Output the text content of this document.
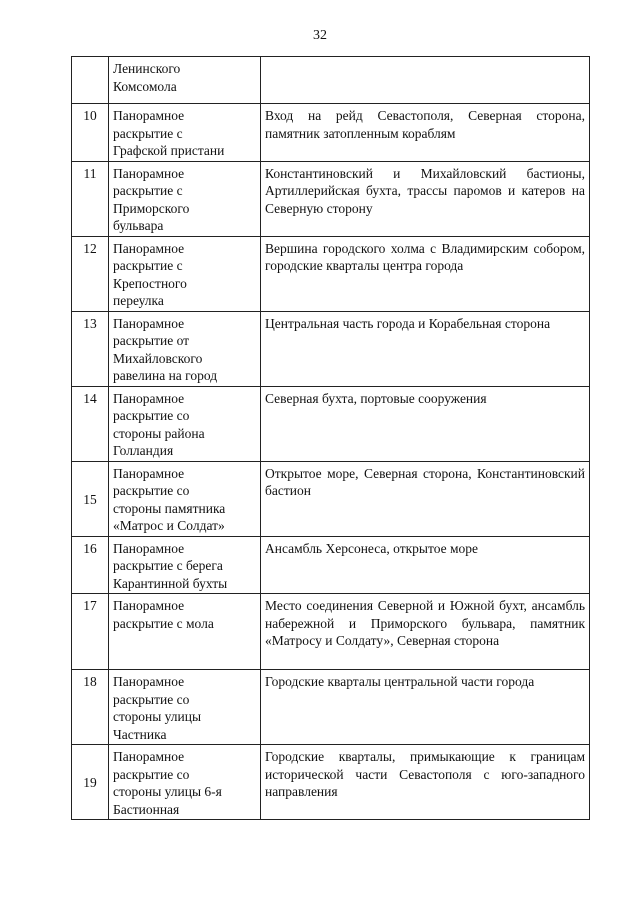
32

	Ленинского
Комсомола	

10	Панорамное
раскрытие с
Графской пристани	Вход на рейд Севастополя, Северная сторона, памятник затопленным кораблям

11	Панорамное
раскрытие с
Приморского
бульвара	Константиновский и Михайловский бастионы, Артиллерийская бухта, трассы паромов и катеров на Северную сторону

12	Панорамное
раскрытие с
Крепостного
переулка	Вершина городского холма с Владимирским собором, городские кварталы центра города

13	Панорамное
раскрытие от
Михайловского
равелина на город	Центральная часть города и Корабельная сторона

14	Панорамное
раскрытие со
стороны района
Голландия	Северная бухта, портовые сооружения

15	Панорамное
раскрытие со
стороны памятника
«Матрос и Солдат»	Открытое море, Северная сторона, Константиновский бастион

16	Панорамное
раскрытие с берега
Карантинной бухты	Ансамбль Херсонеса, открытое море

17	Панорамное
раскрытие с мола	Место соединения Северной и Южной бухт, ансамбль набережной и Приморского бульвара, памятник «Матросу и Солдату», Северная сторона

18	Панорамное
раскрытие со
стороны улицы
Частника	Городские кварталы центральной части города

19	Панорамное
раскрытие со
стороны улицы 6-я
Бастионная	Городские кварталы, примыкающие к границам исторической части Севастополя с юго-западного направления
